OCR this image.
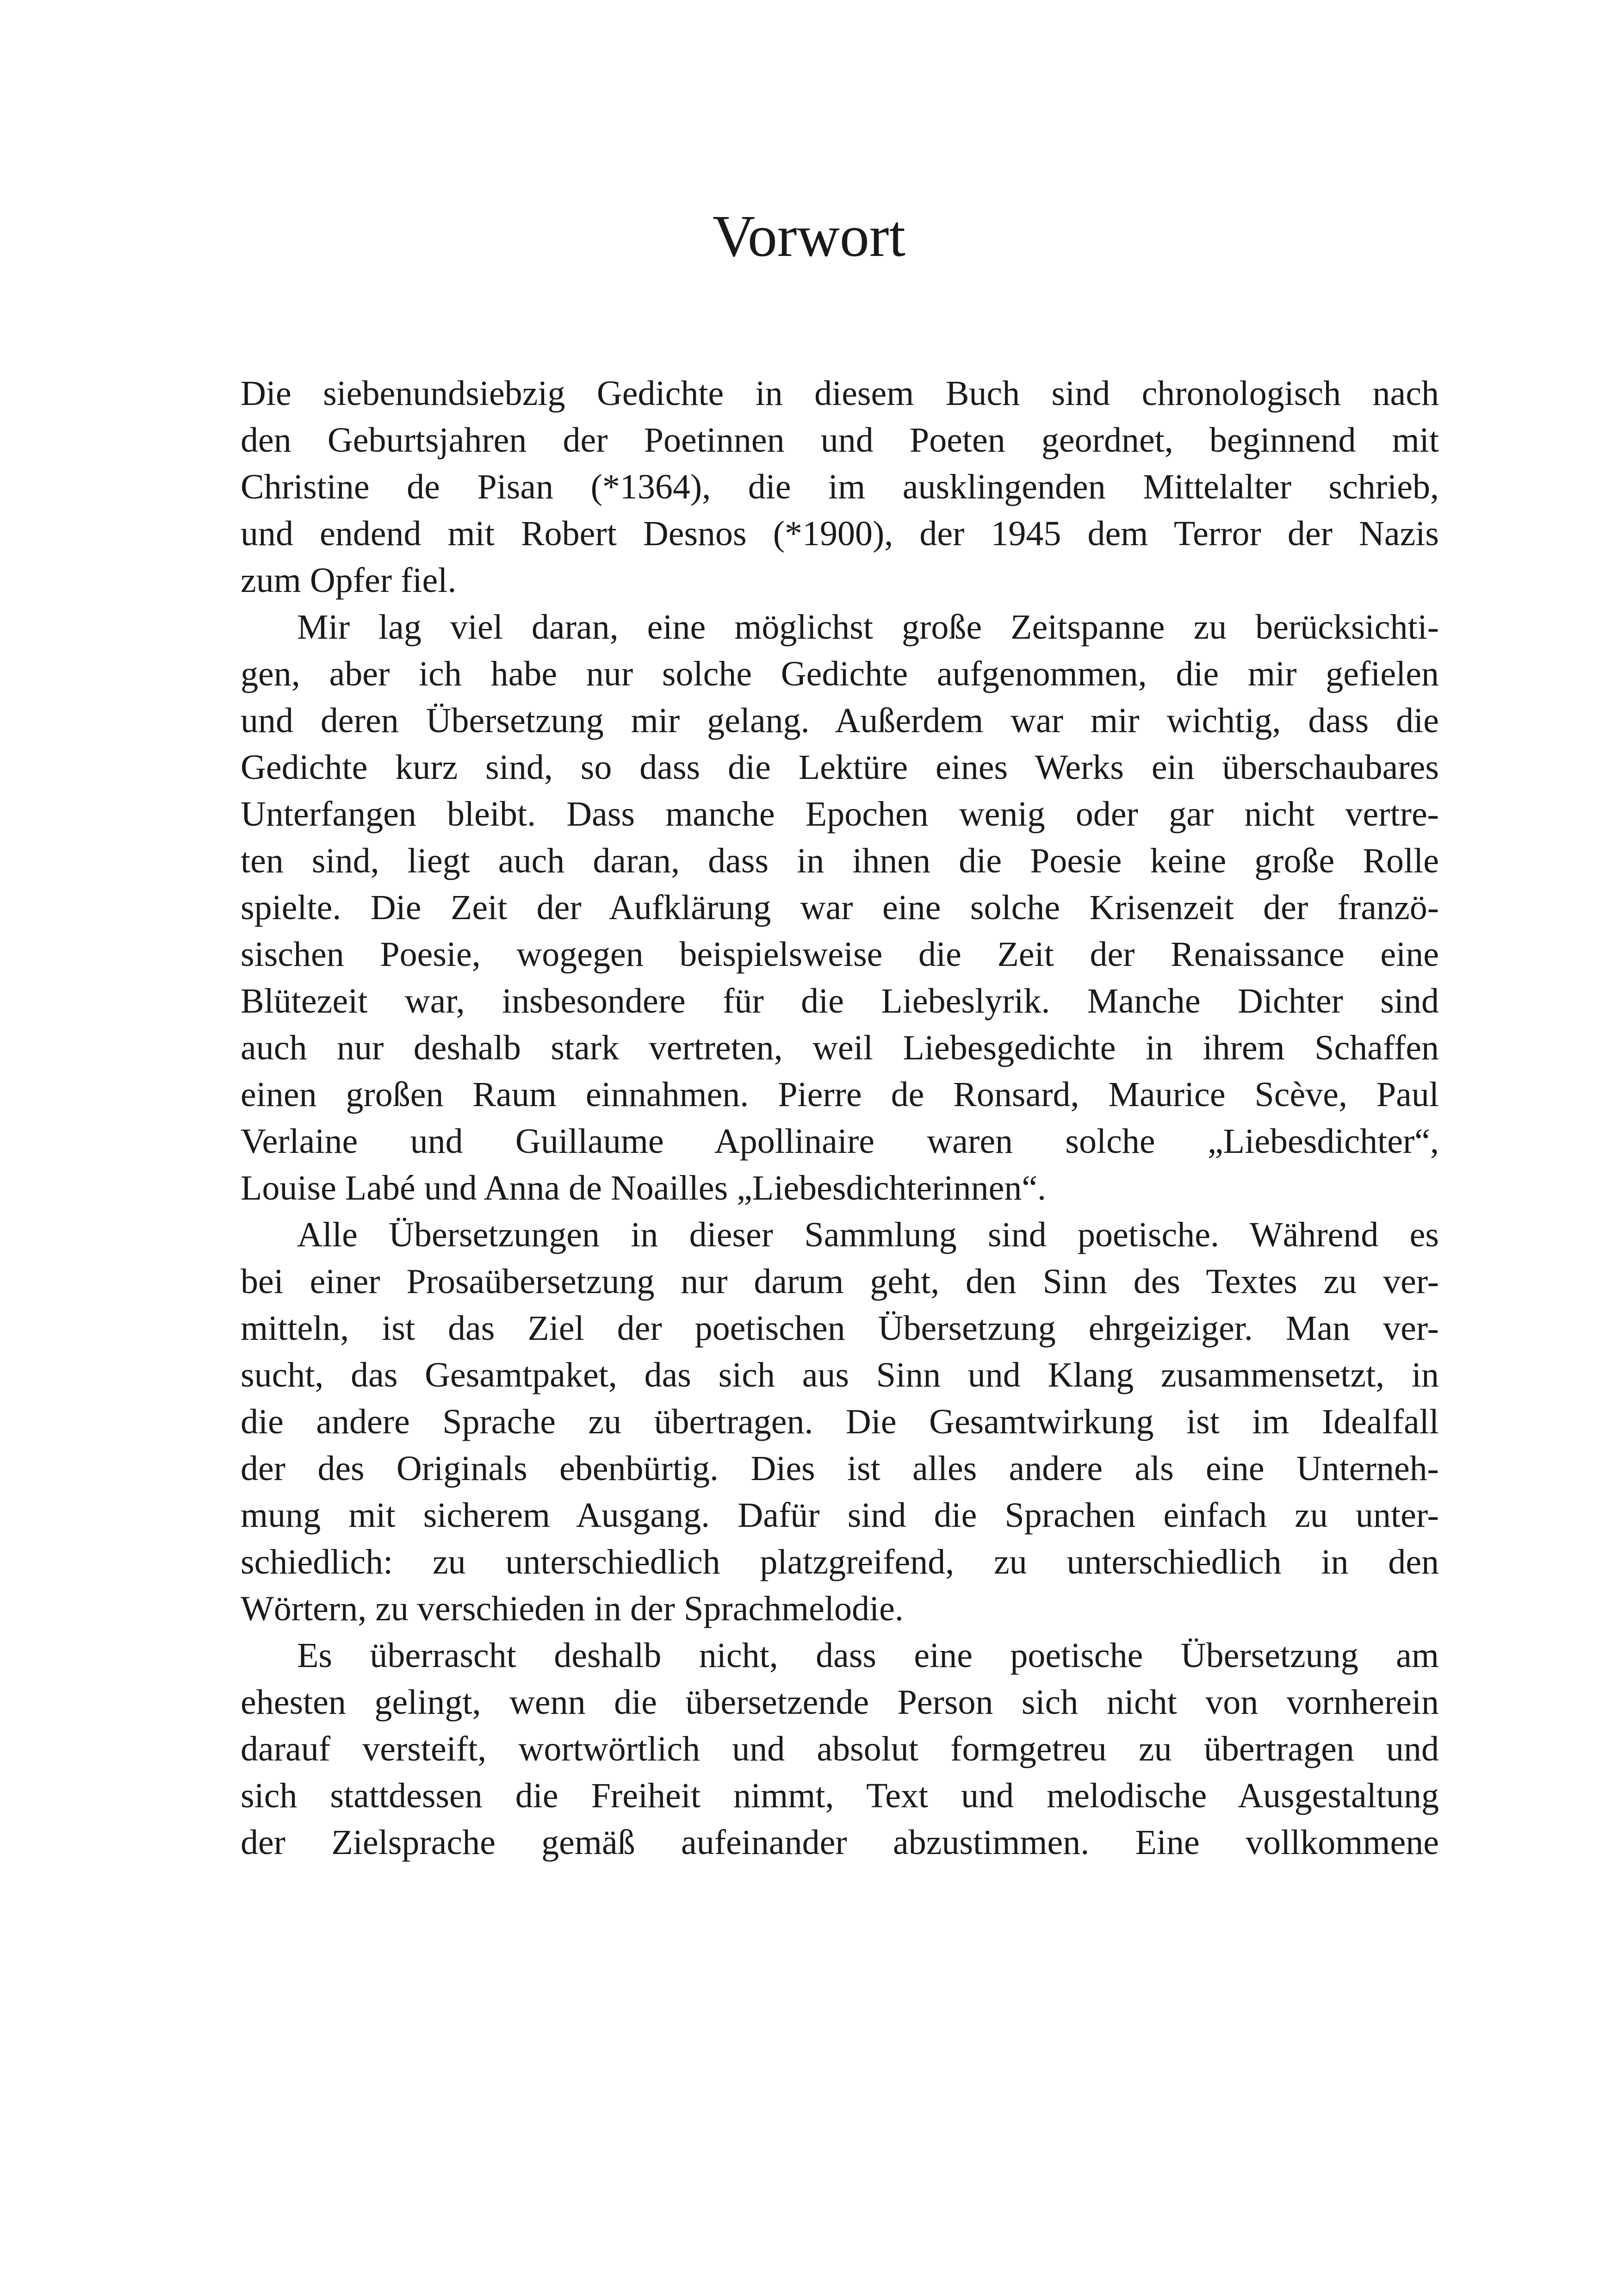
Vorwort
Die siebenundsiebzig Gedichte in diesem Buch sind chronologisch nach
den Geburtsjahren der Poetinnen und Poeten geordnet, beginnend mit
Christine de Pisan (*1364), die im ausklingenden Mittelalter schrieb,
und endend mit Robert Desnos (*1900), der 1945 dem Terror der Nazis
zum Opfer fiel.
Mir lag viel daran, eine möglichst große Zeitspanne zu berücksichti-
gen, aber ich habe nur solche Gedichte aufgenommen, die mir gefielen
und deren Übersetzung mir gelang. Außerdem war mir wichtig, dass die
Gedichte kurz sind, so dass die Lektüre eines Werks ein überschaubares
Unterfangen bleibt. Dass manche Epochen wenig oder gar nicht vertre-
ten sind, liegt auch daran, dass in ihnen die Poesie keine große Rolle
spielte. Die Zeit der Aufklärung war eine solche Krisenzeit der franzö-
sischen Poesie, wogegen beispielsweise die Zeit der Renaissance eine
Blütezeit war, insbesondere für die Liebeslyrik. Manche Dichter sind
auch nur deshalb stark vertreten, weil Liebesgedichte in ihrem Schaffen
einen großen Raum einnahmen. Pierre de Ronsard, Maurice Scève, Paul
Verlaine und Guillaume Apollinaire waren solche „Liebesdichter“,
Louise Labé und Anna de Noailles „Liebesdichterinnen“.
Alle Übersetzungen in dieser Sammlung sind poetische. Während es
bei einer Prosaübersetzung nur darum geht, den Sinn des Textes zu ver-
mitteln, ist das Ziel der poetischen Übersetzung ehrgeiziger. Man ver-
sucht, das Gesamtpaket, das sich aus Sinn und Klang zusammensetzt, in
die andere Sprache zu übertragen. Die Gesamtwirkung ist im Idealfall
der des Originals ebenbürtig. Dies ist alles andere als eine Unterneh-
mung mit sicherem Ausgang. Dafür sind die Sprachen einfach zu unter-
schiedlich: zu unterschiedlich platzgreifend, zu unterschiedlich in den
Wörtern, zu verschieden in der Sprachmelodie.
Es überrascht deshalb nicht, dass eine poetische Übersetzung am
ehesten gelingt, wenn die übersetzende Person sich nicht von vornherein
darauf versteift, wortwörtlich und absolut formgetreu zu übertragen und
sich stattdessen die Freiheit nimmt, Text und melodische Ausgestaltung
der Zielsprache gemäß aufeinander abzustimmen. Eine vollkommene
